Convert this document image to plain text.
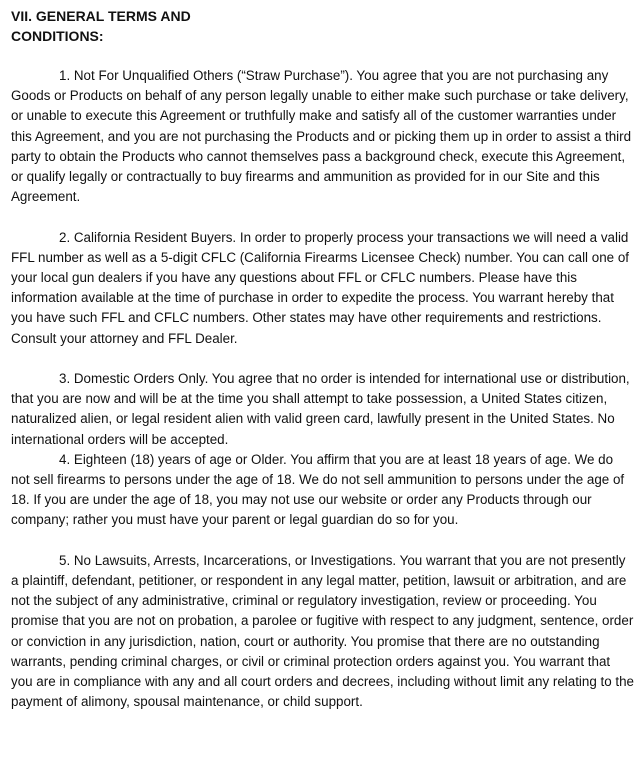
VII. GENERAL TERMS AND CONDITIONS:

1. Not For Unqualified Others (“Straw Purchase”). You agree that you are not purchasing any Goods or Products on behalf of any person legally unable to either make such purchase or take delivery, or unable to execute this Agreement or truthfully make and satisfy all of the customer warranties under this Agreement, and you are not purchasing the Products and or picking them up in order to assist a third party to obtain the Products who cannot themselves pass a background check, execute this Agreement, or qualify legally or contractually to buy firearms and ammunition as provided for in our Site and this Agreement.

2. California Resident Buyers. In order to properly process your transactions we will need a valid FFL number as well as a 5-digit CFLC (California Firearms Licensee Check) number. You can call one of your local gun dealers if you have any questions about FFL or CFLC numbers. Please have this information available at the time of purchase in order to expedite the process. You warrant hereby that you have such FFL and CFLC numbers. Other states may have other requirements and restrictions. Consult your attorney and FFL Dealer.

3. Domestic Orders Only. You agree that no order is intended for international use or distribution, that you are now and will be at the time you shall attempt to take possession, a United States citizen, naturalized alien, or legal resident alien with valid green card, lawfully present in the United States. No international orders will be accepted.

4. Eighteen (18) years of age or Older. You affirm that you are at least 18 years of age. We do not sell firearms to persons under the age of 18. We do not sell ammunition to persons under the age of 18. If you are under the age of 18, you may not use our website or order any Products through our company; rather you must have your parent or legal guardian do so for you.

5. No Lawsuits, Arrests, Incarcerations, or Investigations. You warrant that you are not presently a plaintiff, defendant, petitioner, or respondent in any legal matter, petition, lawsuit or arbitration, and are not the subject of any administrative, criminal or regulatory investigation, review or proceeding. You promise that you are not on probation, a parolee or fugitive with respect to any judgment, sentence, order or conviction in any jurisdiction, nation, court or authority. You promise that there are no outstanding warrants, pending criminal charges, or civil or criminal protection orders against you. You warrant that you are in compliance with any and all court orders and decrees, including without limit any relating to the payment of alimony, spousal maintenance, or child support.
